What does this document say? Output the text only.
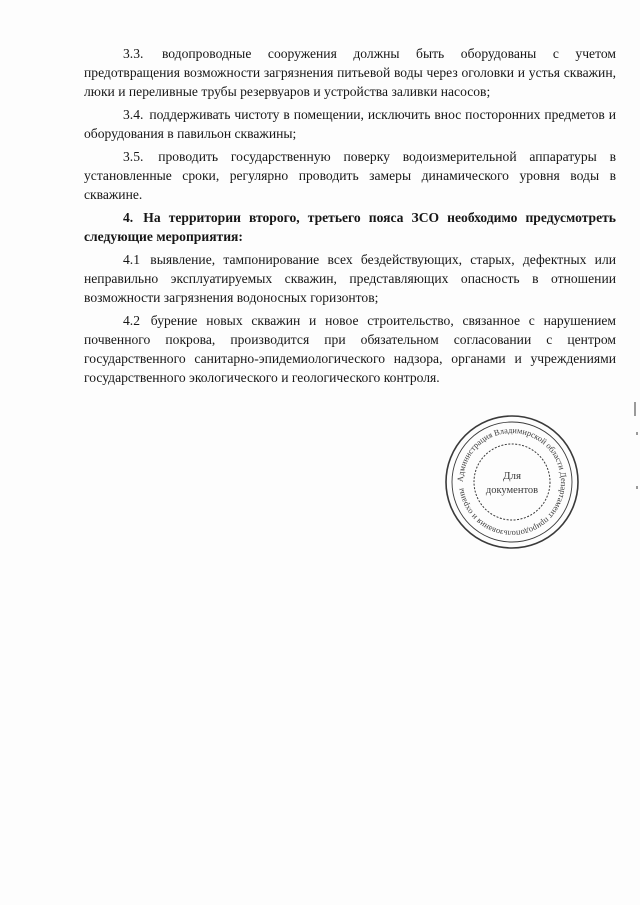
3.3. водопроводные сооружения должны быть оборудованы с учетом предотвращения возможности загрязнения питьевой воды через оголовки и устья скважин, люки и переливные трубы резервуаров и устройства заливки насосов;

3.4. поддерживать чистоту в помещении, исключить внос посторонних предметов и оборудования в павильон скважины;

3.5. проводить государственную поверку водоизмерительной аппаратуры в установленные сроки, регулярно проводить замеры динамического уровня воды в скважине.

4. На территории второго, третьего пояса ЗСО необходимо предусмотреть следующие мероприятия:

4.1 выявление, тампонирование всех бездействующих, старых, дефектных или неправильно эксплуатируемых скважин, представляющих опасность в отношении возможности загрязнения водоносных горизонтов;

4.2 бурение новых скважин и новое строительство, связанное с нарушением почвенного покрова, производится при обязательном согласовании с центром государственного санитарно-эпидемиологического надзора, органами и учреждениями государственного экологического и геологического контроля.

Администрация Владимирской области Департамент природопользования и охраны
Для
документов
